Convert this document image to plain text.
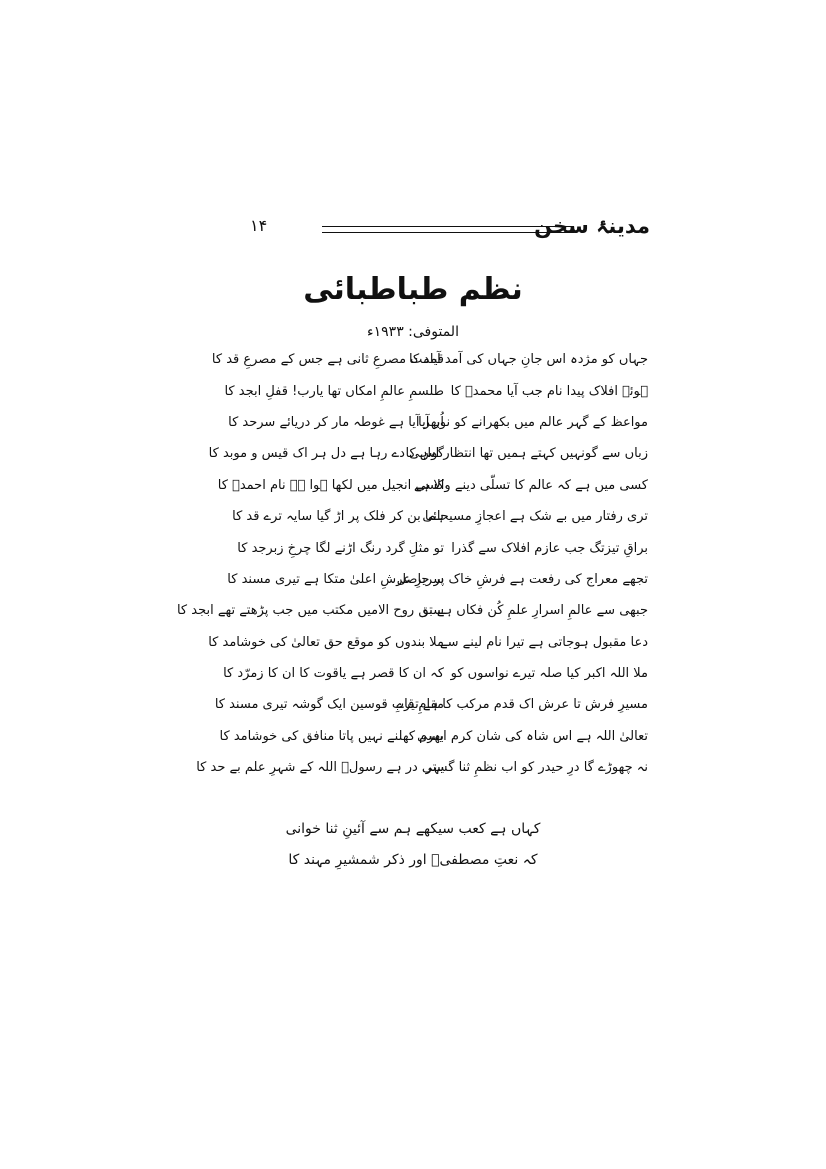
مدینۂ سخن
۱۴
نظم طباطبائی
المتوفی: ۱۹۳۳ء
جہاں کو مژدہ اس جانِ جہاں کی آمد آمد کا
قیامت مصرعِ ثانی ہے جس کے مصرعِ قد کا
ہوئے افلاک پیدا نام جب آیا محمدؐ کا
طلسمِ عالمِ امکاں تھا یارب! قفلِ ابجد کا
مواعظ کے گہر عالم میں بکھرانے کو نور آیا
اُبھر آیا ہے غوطہ مار کر دریائے سرحد کا
زباں سے گونہیں کہتے ہمیں تھا انتظار اس کا
گواہی دے رہا ہے دل ہر اک قیس و موبد کا
کسی میں ہے کہ عالم کا تسلّی دینے والا ہے
کسی انجیل میں لکھا ہوا ہے نام احمدؐ کا
تری رفتار میں بے شک ہے اعجازِ مسیحائی
ہما بن کر فلک پر اڑ گیا سایہ ترے قد کا
براقِ تیزتگ جب عازم افلاک سے گذرا
تو مثلِ گرد رنگ اڑنے لگا چرخِ زبرجد کا
تجھے معراج کی رفعت ہے فرشِ خاک پر حاصل
سریرِ عرشِ اعلیٰ متکا ہے تیری مسند کا
جبھی سے عالمِ اسرارِ علمِ کُن فکاں ہے تو
سبق روح الامیں مکتب میں جب پڑھتے تھے ابجد کا
دعا مقبول ہوجاتی ہے تیرا نام لینے سے
ملا بندوں کو موقع حق تعالیٰ کی خوشامد کا
ملا اللہ اکبر کیا صلہ تیرے نواسوں کو
کہ ان کا قصر ہے یاقوت کا ان کا زمرّد کا
مسیرِ فرش تا عرش اک قدم مرکب کا ہے تیرے
مقامِ قابِ قوسین ایک گوشہ تیری مسند کا
تعالیٰ اللہ ہے اس شاہ کی شان کرم ایسی
بھرم کھلنے نہیں پاتا منافق کی خوشامد کا
نہ چھوڑے گا درِ حیدر کو اب نظمِ ثنا گستر
یہی در ہے رسولؐ اللہ کے شہرِ علم بے حد کا
کہاں ہے کعب سیکھے ہم سے آئینِ ثنا خوانی
کہ نعتِ مصطفیؐ اور ذکر شمشیرِ مہند کا
